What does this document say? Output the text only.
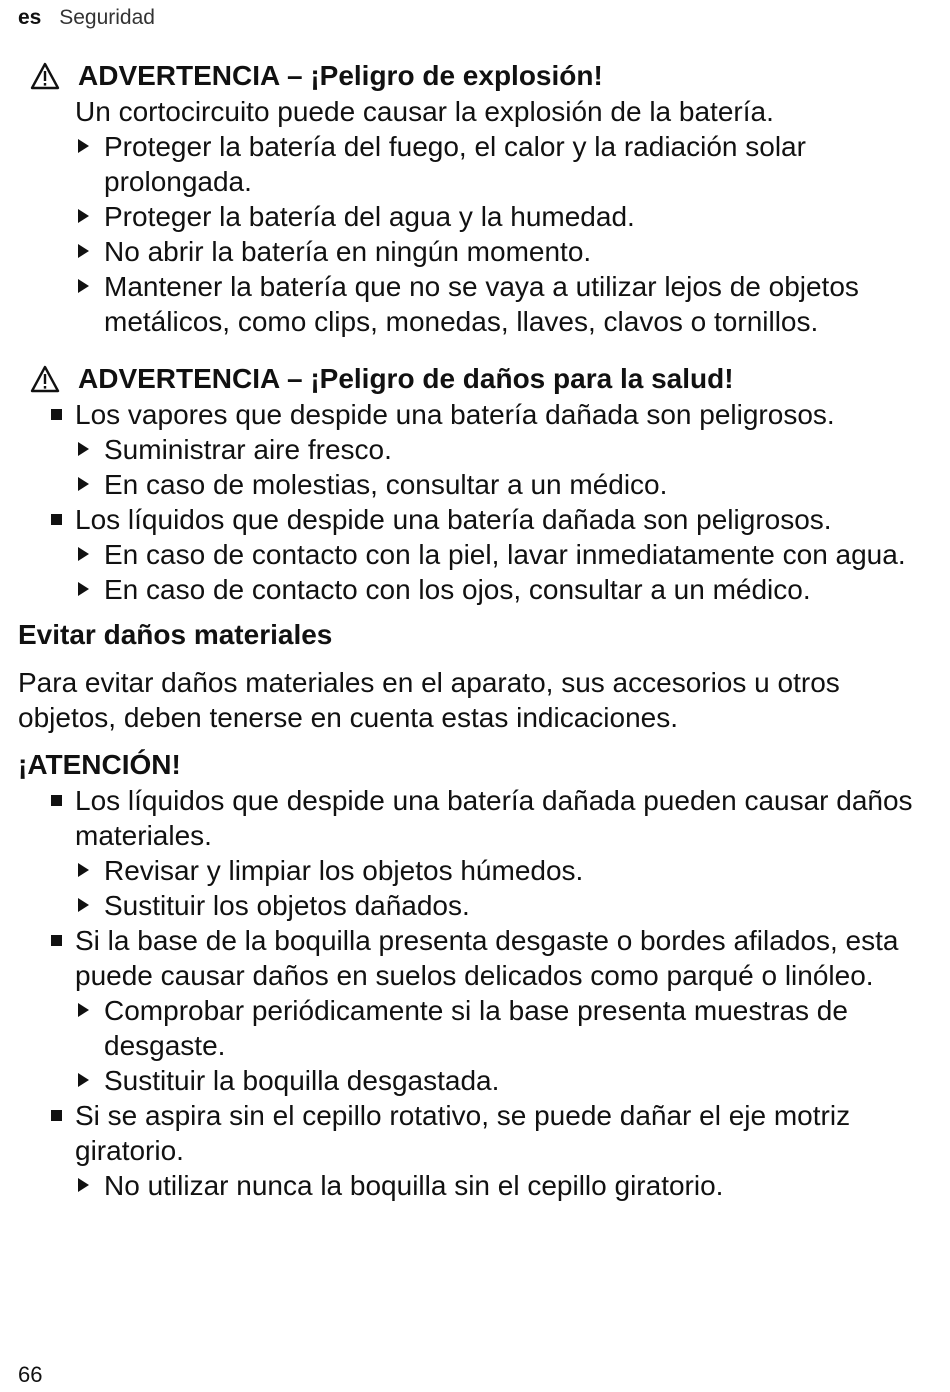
es Seguridad
ADVERTENCIA – ¡Peligro de explosión!
Un cortocircuito puede causar la explosión de la batería.
Proteger la batería del fuego, el calor y la radiación solar prolongada.
Proteger la batería del agua y la humedad.
No abrir la batería en ningún momento.
Mantener la batería que no se vaya a utilizar lejos de objetos metálicos, como clips, monedas, llaves, clavos o tornillos.
ADVERTENCIA – ¡Peligro de daños para la salud!
Los vapores que despide una batería dañada son peligrosos.
Suministrar aire fresco.
En caso de molestias, consultar a un médico.
Los líquidos que despide una batería dañada son peligrosos.
En caso de contacto con la piel, lavar inmediatamente con agua.
En caso de contacto con los ojos, consultar a un médico.
Evitar daños materiales
Para evitar daños materiales en el aparato, sus accesorios u otros objetos, deben tenerse en cuenta estas indicaciones.
¡ATENCIÓN!
Los líquidos que despide una batería dañada pueden causar daños materiales.
Revisar y limpiar los objetos húmedos.
Sustituir los objetos dañados.
Si la base de la boquilla presenta desgaste o bordes afilados, esta puede causar daños en suelos delicados como parqué o linóleo.
Comprobar periódicamente si la base presenta muestras de desgaste.
Sustituir la boquilla desgastada.
Si se aspira sin el cepillo rotativo, se puede dañar el eje motriz giratorio.
No utilizar nunca la boquilla sin el cepillo giratorio.
66
